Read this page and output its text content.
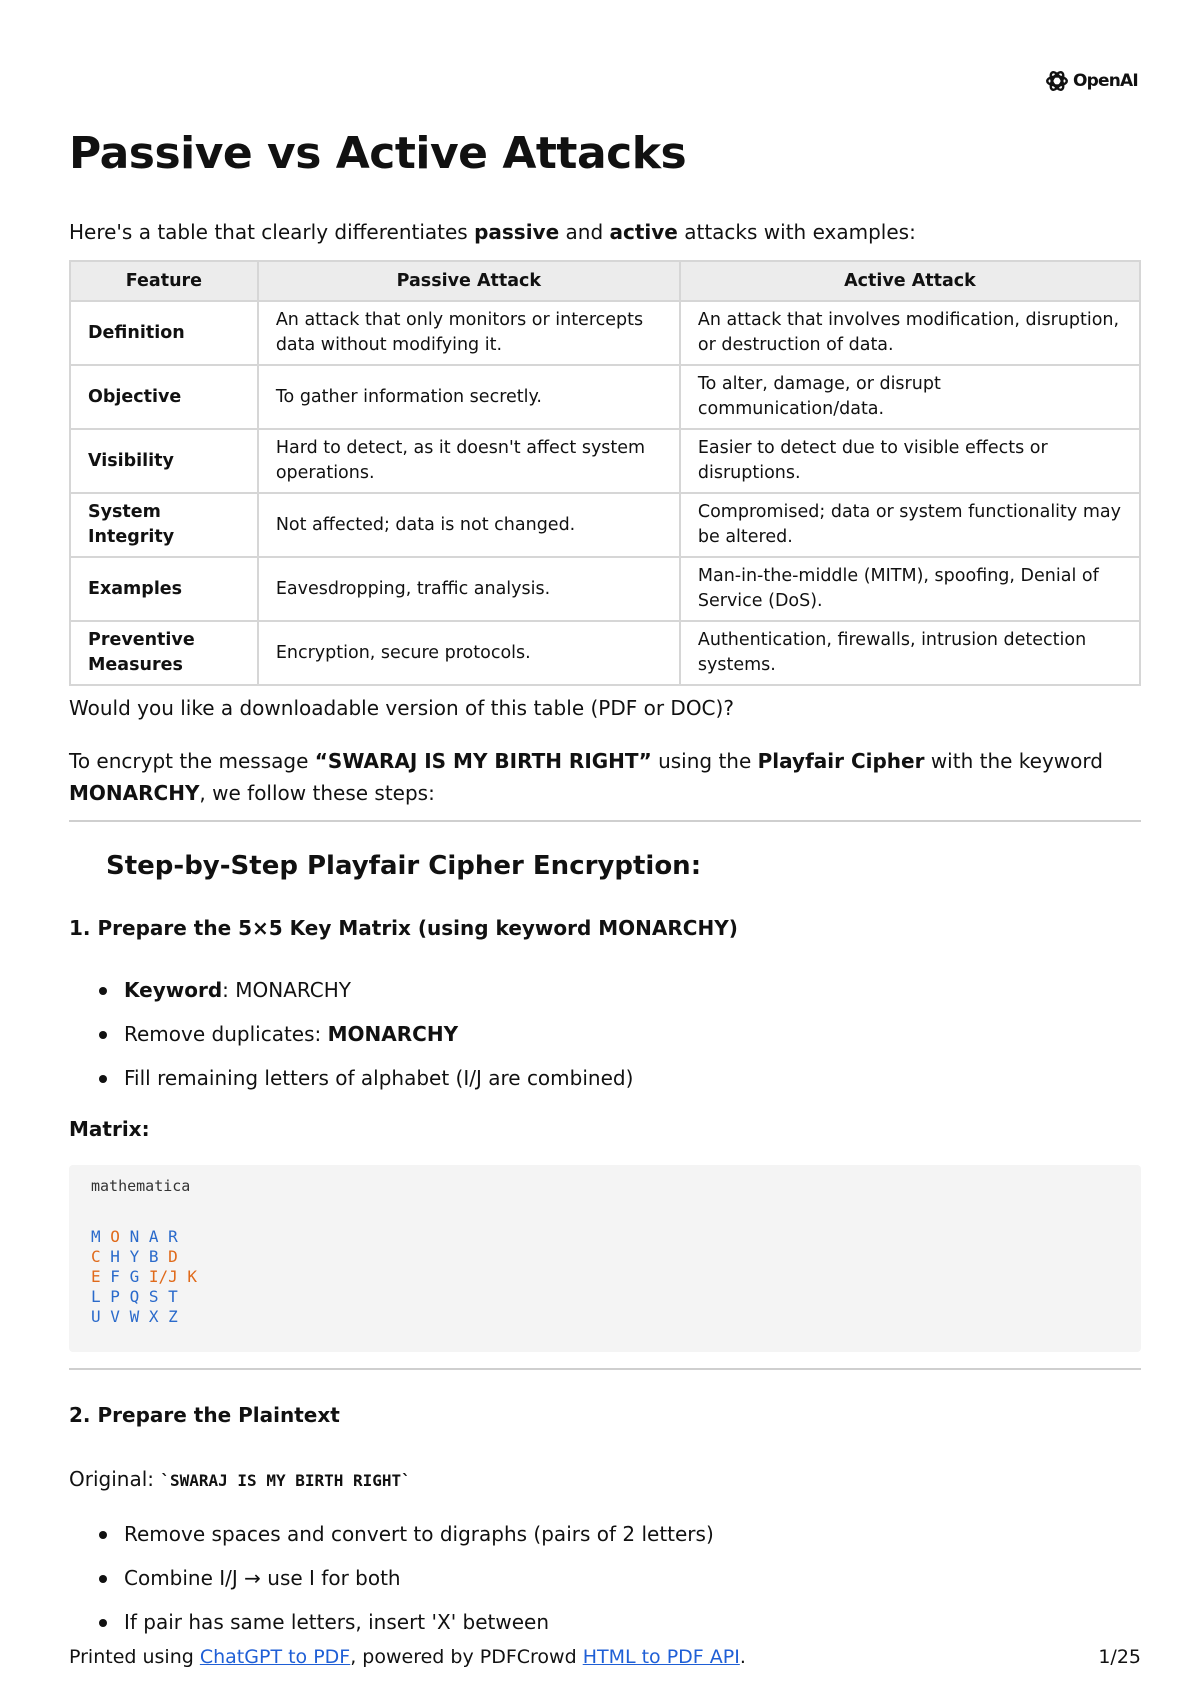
OpenAI
Passive vs Active Attacks
Here's a table that clearly differentiates passive and active attacks with examples:
Feature	Passive Attack	Active Attack
Definition	An attack that only monitors or intercepts data without modifying it.	An attack that involves modification, disruption, or destruction of data.
Objective	To gather information secretly.	To alter, damage, or disrupt communication/data.
Visibility	Hard to detect, as it doesn't affect system operations.	Easier to detect due to visible effects or disruptions.
System Integrity	Not affected; data is not changed.	Compromised; data or system functionality may be altered.
Examples	Eavesdropping, traffic analysis.	Man-in-the-middle (MITM), spoofing, Denial of Service (DoS).
Preventive Measures	Encryption, secure protocols.	Authentication, firewalls, intrusion detection systems.
Would you like a downloadable version of this table (PDF or DOC)?
To encrypt the message “SWARAJ IS MY BIRTH RIGHT” using the Playfair Cipher with the keyword MONARCHY, we follow these steps:
Step-by-Step Playfair Cipher Encryption:
1. Prepare the 5×5 Key Matrix (using keyword MONARCHY)
Keyword: MONARCHY
Remove duplicates: MONARCHY
Fill remaining letters of alphabet (I/J are combined)
Matrix:
mathematica
M O N A R
C H Y B D
E F G I/J K
L P Q S T
U V W X Z
2. Prepare the Plaintext
Original: `SWARAJ IS MY BIRTH RIGHT`
Remove spaces and convert to digraphs (pairs of 2 letters)
Combine I/J → use I for both
If pair has same letters, insert 'X' between
Printed using ChatGPT to PDF, powered by PDFCrowd HTML to PDF API.	1/25
